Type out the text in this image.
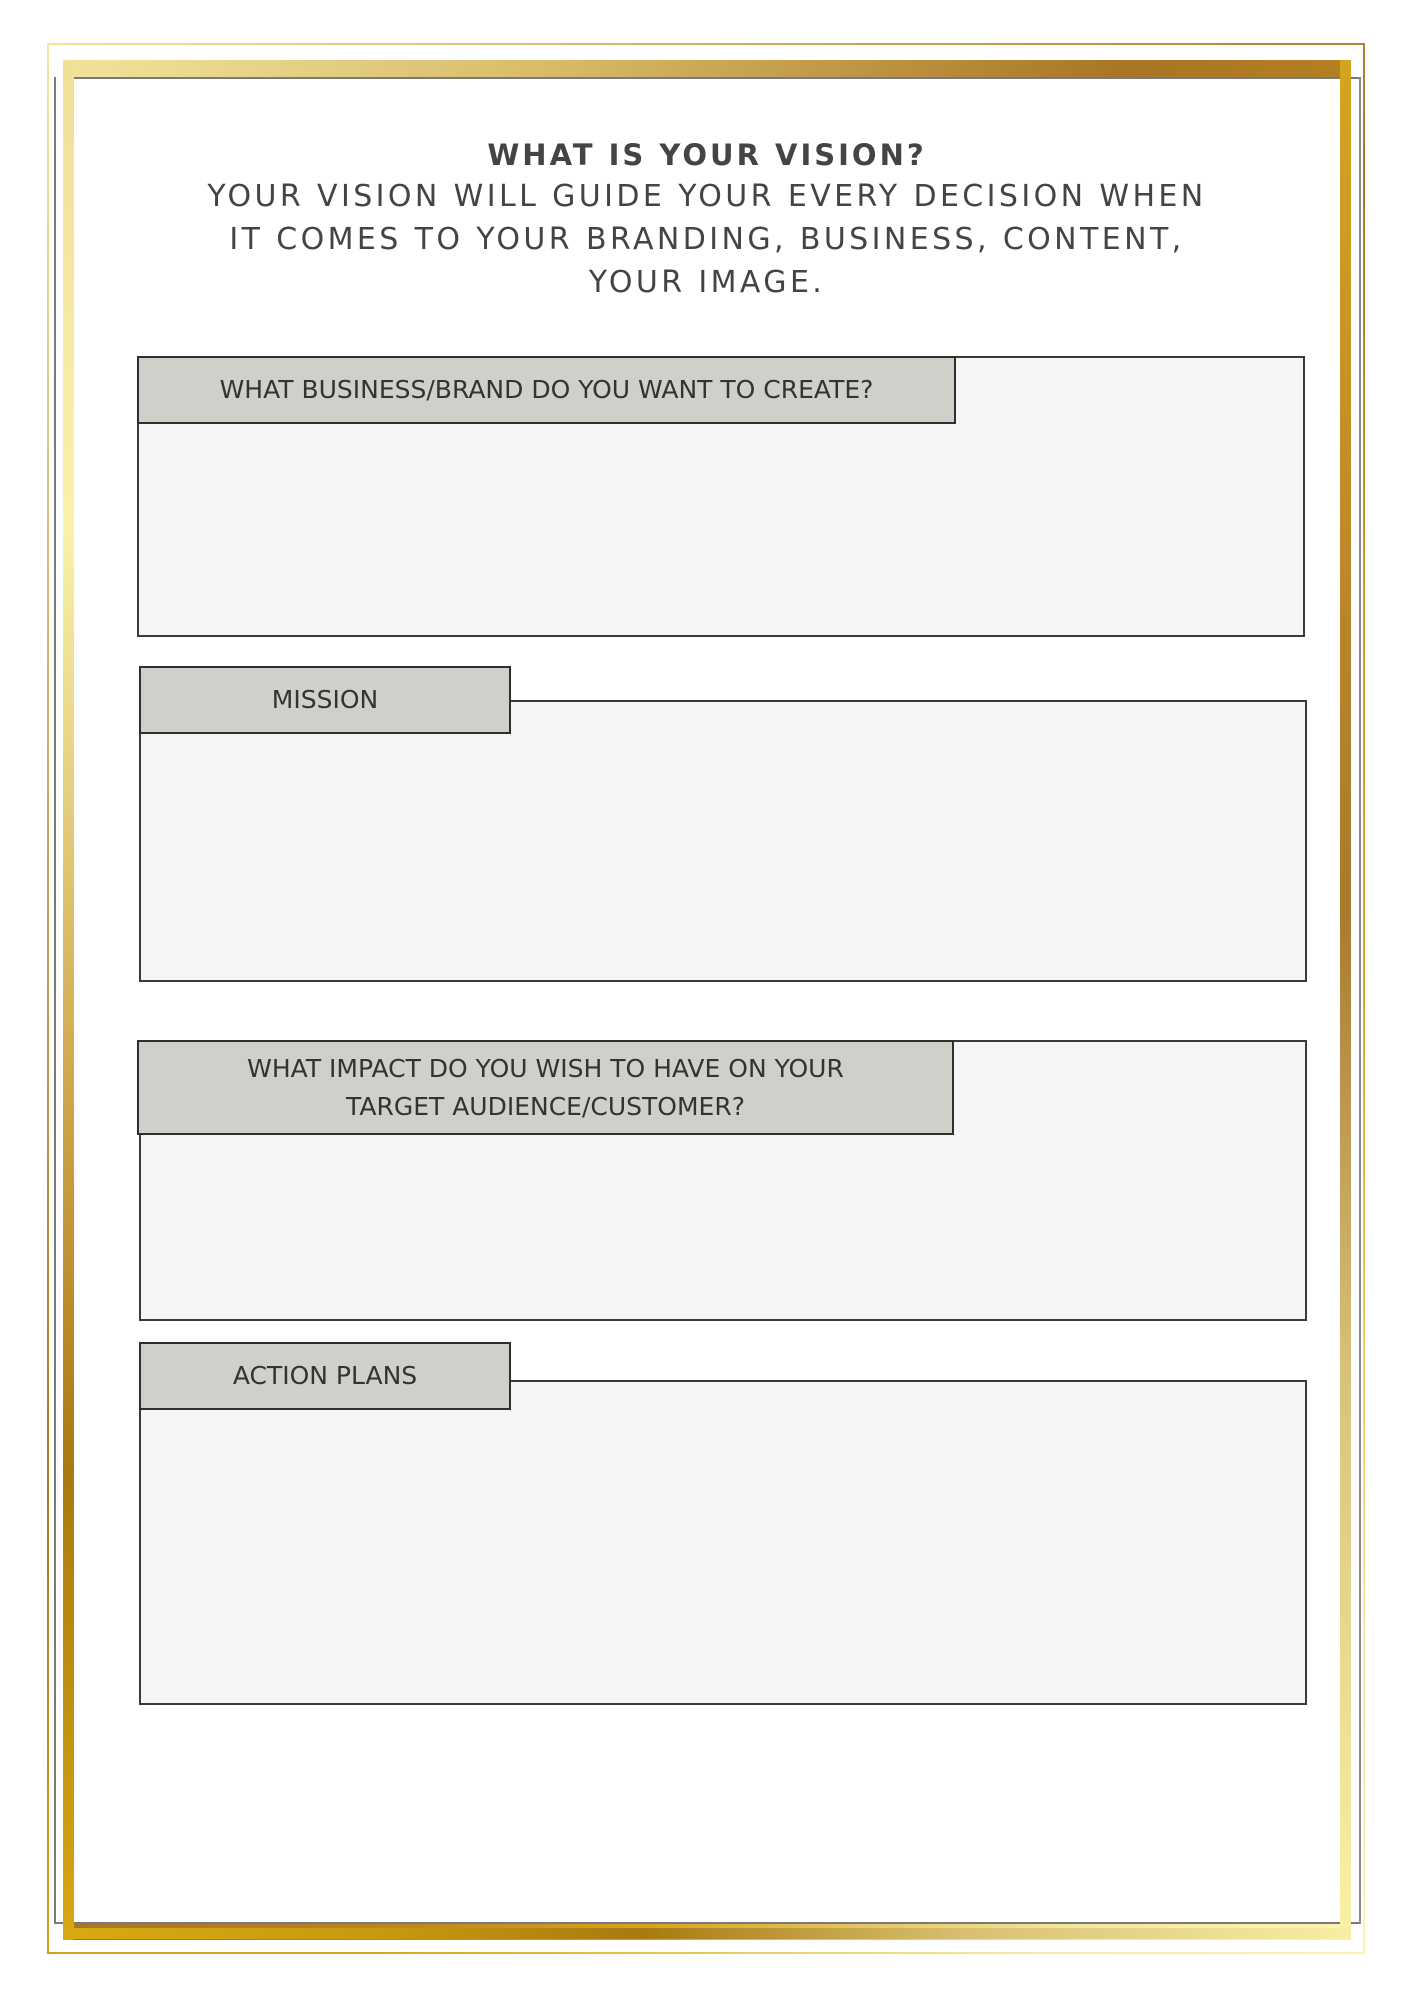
WHAT IS YOUR VISION?
YOUR VISION WILL GUIDE YOUR EVERY DECISION WHEN
IT COMES TO YOUR BRANDING, BUSINESS, CONTENT,
YOUR IMAGE.
WHAT BUSINESS/BRAND DO YOU WANT TO CREATE?
MISSION
WHAT IMPACT DO YOU WISH TO HAVE ON YOUR
TARGET AUDIENCE/CUSTOMER?
ACTION PLANS
